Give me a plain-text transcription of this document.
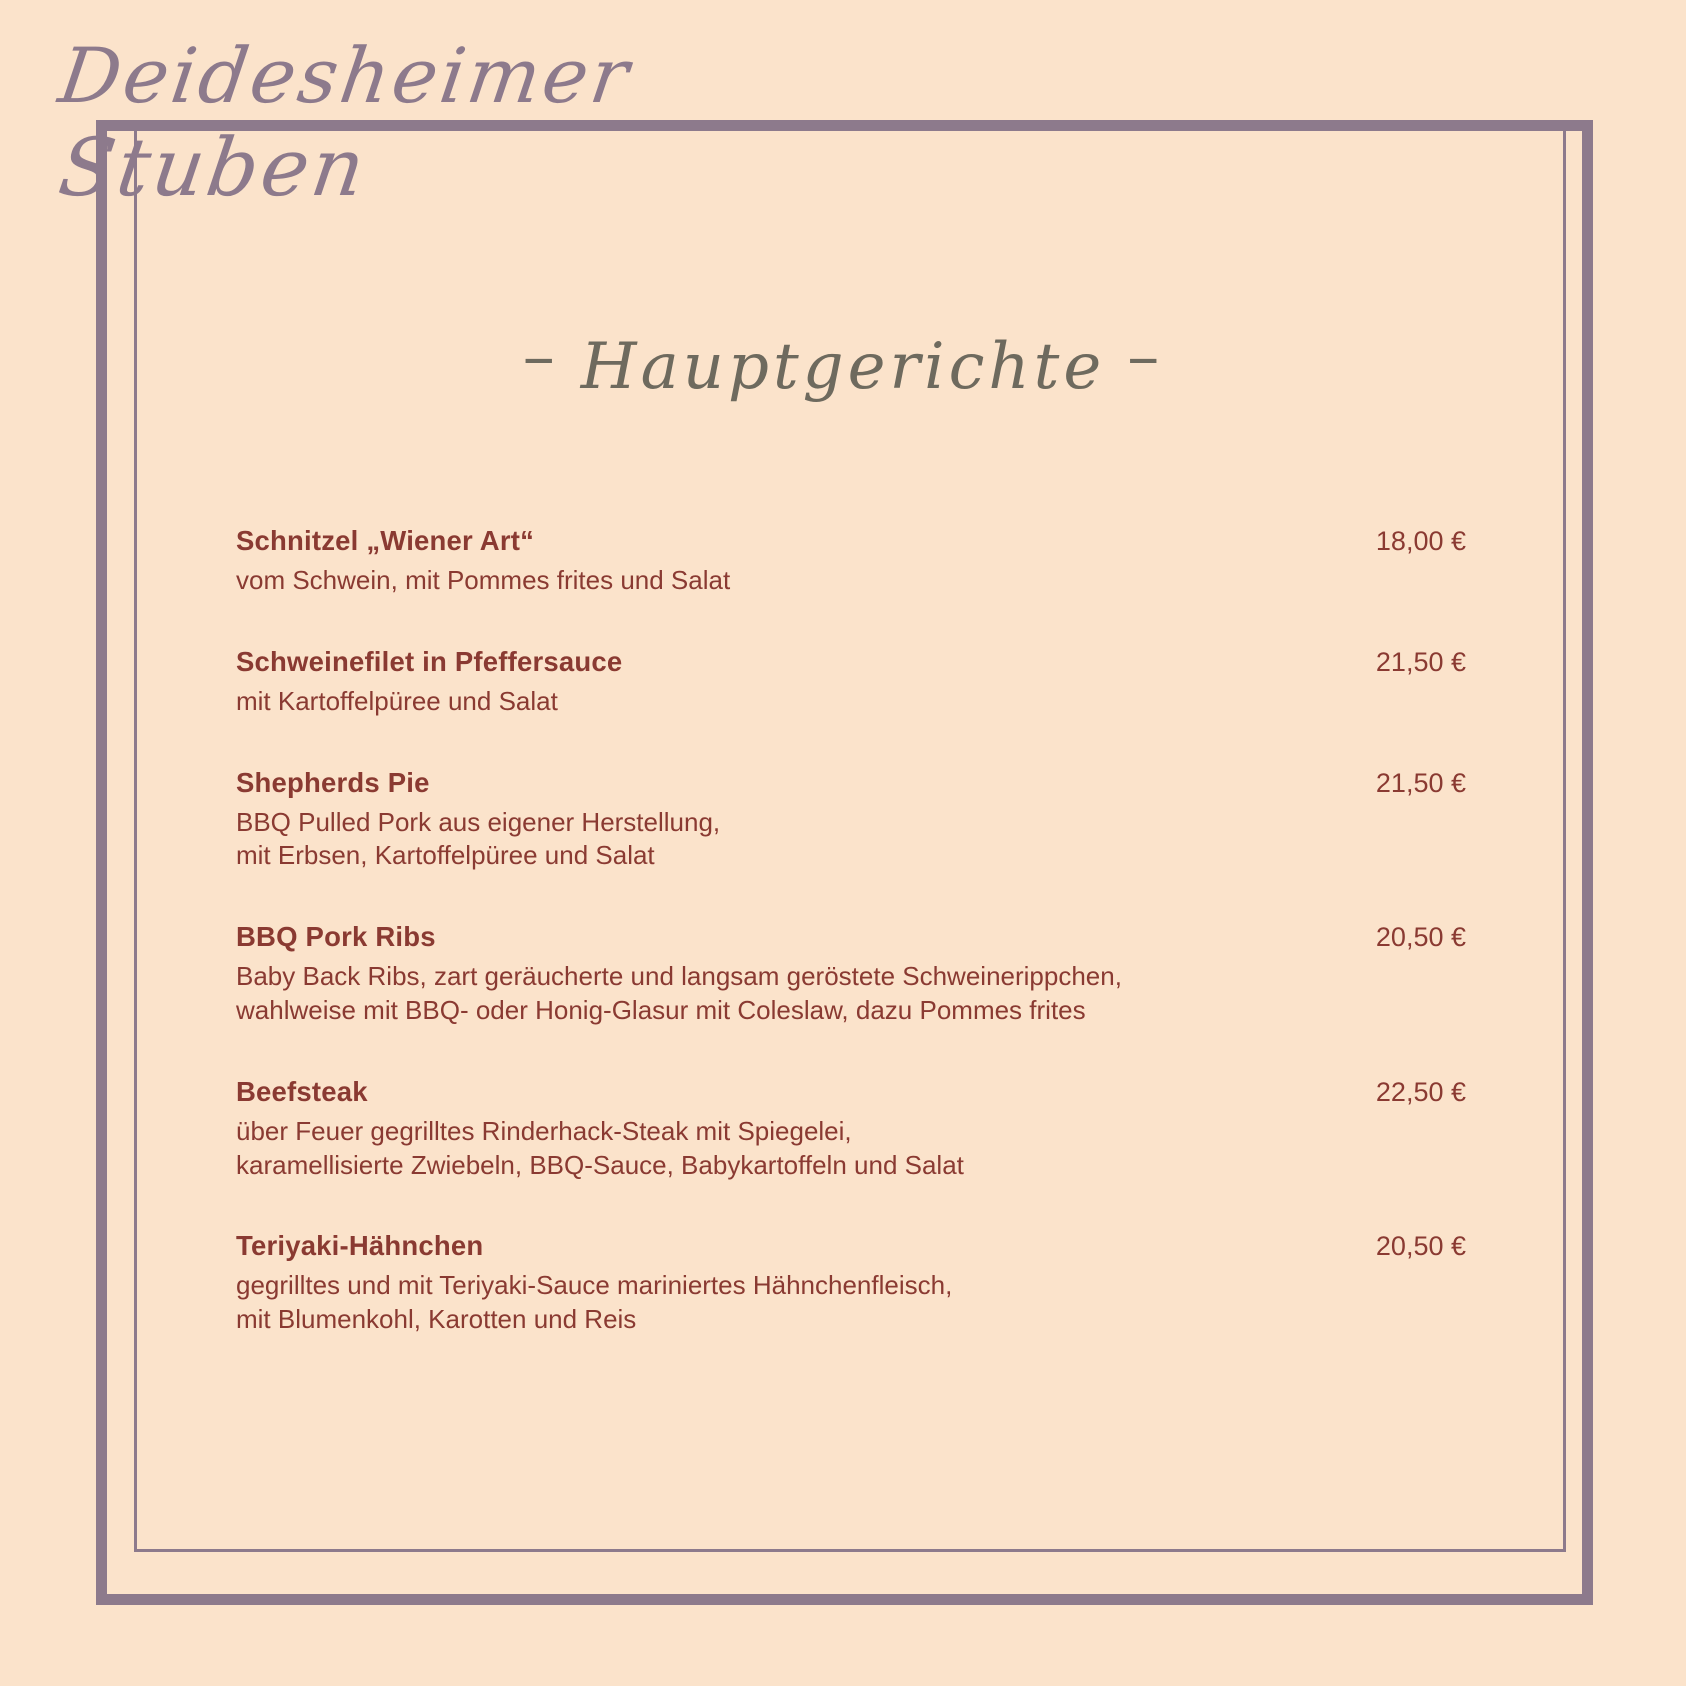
Deidesheimer
Stuben
– Hauptgerichte –
Schnitzel „Wiener Art“	18,00 €
vom Schwein, mit Pommes frites und Salat
Schweinefilet in Pfeffersauce	21,50 €
mit Kartoffelpüree und Salat
Shepherds Pie	21,50 €
BBQ Pulled Pork aus eigener Herstellung,
mit Erbsen, Kartoffelpüree und Salat
BBQ Pork Ribs	20,50 €
Baby Back Ribs, zart geräucherte und langsam geröstete Schweinerippchen,
wahlweise mit BBQ- oder Honig-Glasur mit Coleslaw, dazu Pommes frites
Beefsteak	22,50 €
über Feuer gegrilltes Rinderhack-Steak mit Spiegelei,
karamellisierte Zwiebeln, BBQ-Sauce, Babykartoffeln und Salat
Teriyaki-Hähnchen	20,50 €
gegrilltes und mit Teriyaki-Sauce mariniertes Hähnchenfleisch,
mit Blumenkohl, Karotten und Reis
